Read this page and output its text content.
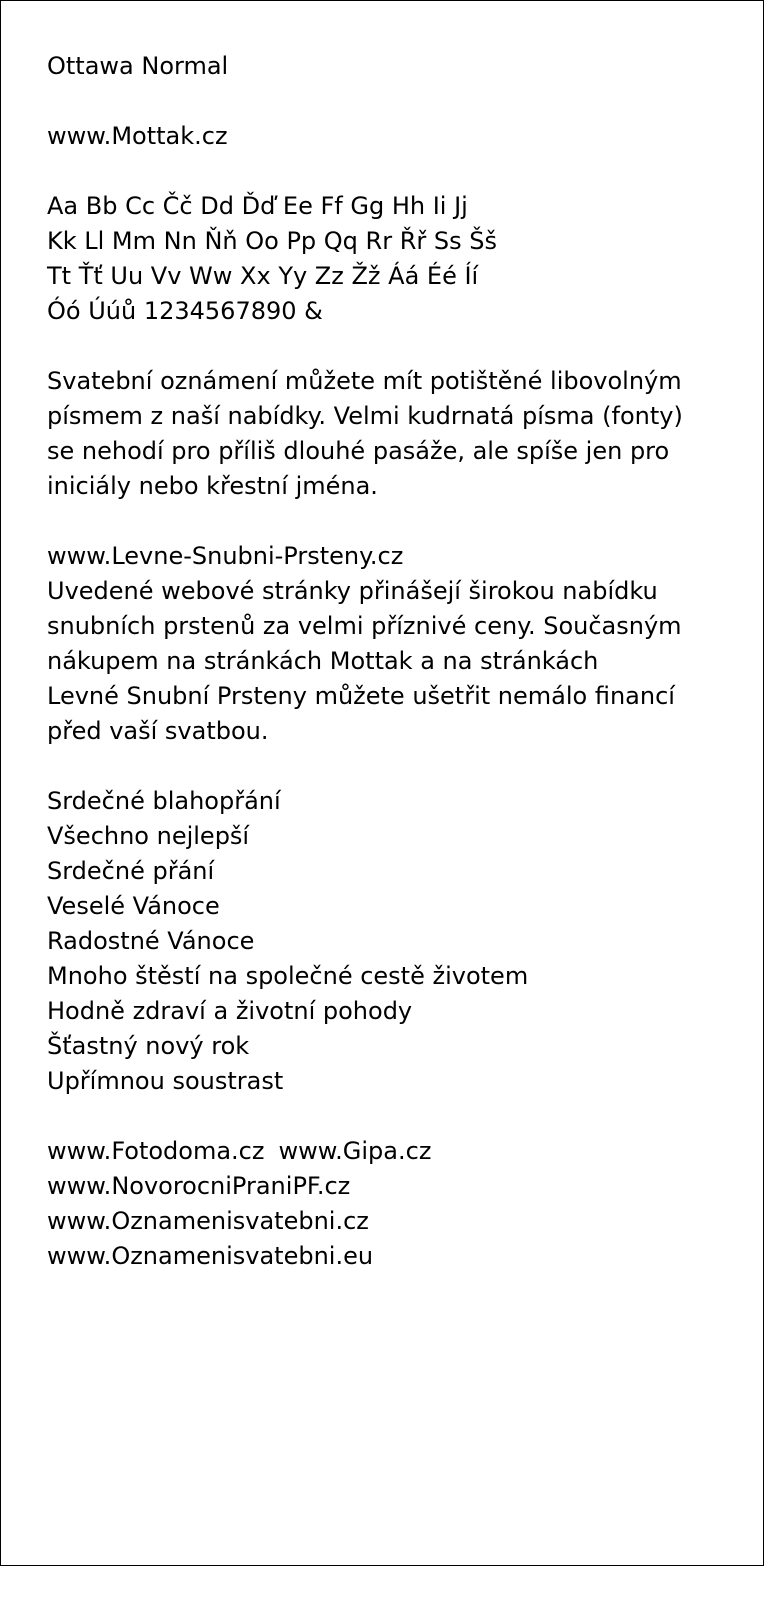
Ottawa Normal
www.Mottak.cz
Aa Bb Cc Čč Dd Ďď Ee Ff Gg Hh Ii Jj
Kk Ll Mm Nn Ňň Oo Pp Qq Rr Řř Ss Šš
Tt Ťť Uu Vv Ww Xx Yy Zz Žž Áá Éé Íí
Óó Úúů 1234567890 &
Svatební oznámení můžete mít potištěné libovolným
písmem z naší nabídky. Velmi kudrnatá písma (fonty)
se nehodí pro příliš dlouhé pasáže, ale spíše jen pro
iniciály nebo křestní jména.
www.Levne-Snubni-Prsteny.cz
Uvedené webové stránky přinášejí širokou nabídku
snubních prstenů za velmi příznivé ceny. Současným
nákupem na stránkách Mottak a na stránkách
Levné Snubní Prsteny můžete ušetřit nemálo financí
před vaší svatbou.
Srdečné blahopřání
Všechno nejlepší
Srdečné přání
Veselé Vánoce
Radostné Vánoce
Mnoho štěstí na společné cestě životem
Hodně zdraví a životní pohody
Šťastný nový rok
Upřímnou soustrast
www.Fotodoma.cz www.Gipa.cz
www.NovorocniPraniPF.cz
www.Oznamenisvatebni.cz
www.Oznamenisvatebni.eu
